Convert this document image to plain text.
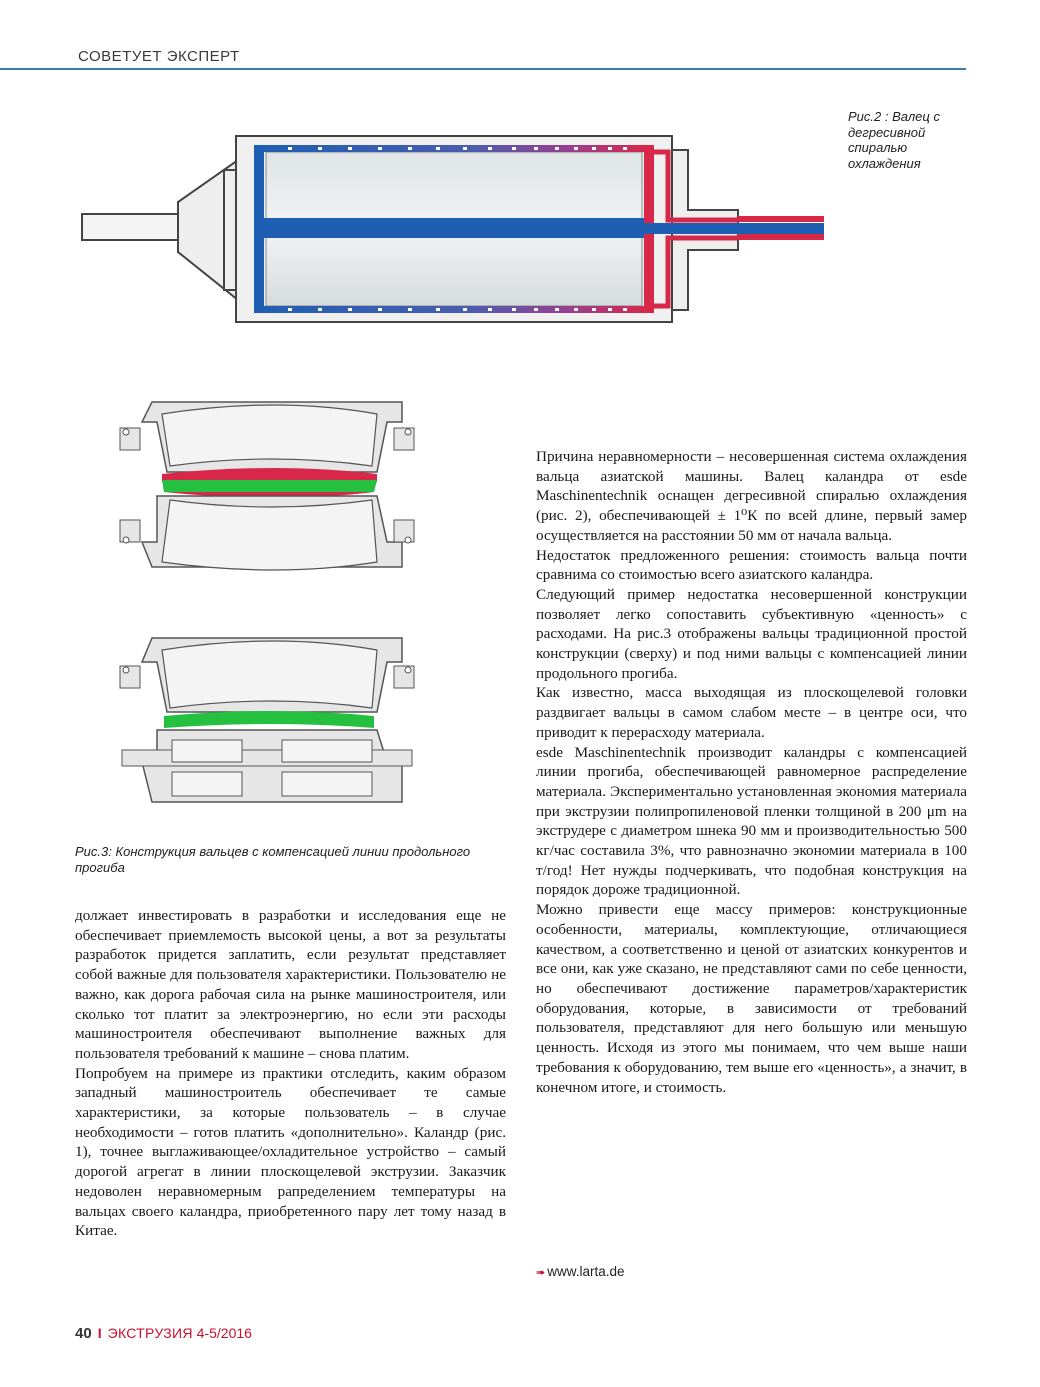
СОВЕТУЕТ ЭКСПЕРТ
Рис.2 : Валец с дегресивной спиралью охлаждения
Рис.3: Конструкция вальцев с компенсацией линии продольного прогиба

должает инвестировать в разработки и исследования еще не обеспечивает приемлемость высокой цены, а вот за результаты разработок придется заплатить, если результат представляет собой важные для пользователя характеристики. Пользователю не важно, как дорога рабочая сила на рынке машиностроителя, или сколько тот платит за электроэнергию, но если эти расходы машиностроителя обеспечивают выполнение важных для пользователя требований к машине – снова платим.

Попробуем на примере из практики отследить, каким образом западный машиностроитель обеспечивает те самые характеристики, за которые пользователь – в случае необходимости – готов платить «дополнительно». Каландр (рис. 1), точнее выглаживающее/охладительное устройство – самый дорогой агрегат в линии плоскощелевой экструзии. Заказчик недоволен неравномерным рапределением температуры на вальцах своего каландра, приобретенного пару лет тому назад в Китае.

Причина неравномерности – несовершенная система охлаждения вальца азиатской машины. Валец каландра от esde Maschinentechnik оснащен дегресивной спиралью охлаждения (рис. 2), обеспечивающей ± 1⁰К по всей длине, первый замер осуществляется на расстоянии 50 мм от начала вальца.

Недостаток предложенного решения: стоимость вальца почти сравнима со стоимостью всего азиатского каландра.

Следующий пример недостатка несовершенной конструкции позволяет легко сопоставить субъективную «ценность» с расходами. На рис.3 отображены вальцы традиционной простой конструкции (сверху) и под ними вальцы с компенсацией линии продольного прогиба.

Как известно, масса выходящая из плоскощелевой головки раздвигает вальцы в самом слабом месте – в центре оси, что приводит к перерасходу материала.

esde Maschinentechnik производит каландры с компенсацией линии прогиба, обеспечивающей равномерное распределение материала. Экспериментально установленная экономия материала при экструзии полипропиленовой пленки толщиной в 200 μm на экструдере с диаметром шнека 90 мм и производительностью 500 кг/час составила 3%, что равнозначно экономии материала в 100 т/год! Нет нужды подчеркивать, что подобная конструкция на порядок дороже традиционной.

Можно привести еще массу примеров: конструкционные особенности, материалы, комплектующие, отличающиеся качеством, а соответственно и ценой от азиатских конкурентов и все они, как уже сказано, не представляют сами по себе ценности, но обеспечивают достижение параметров/характеристик оборудования, которые, в зависимости от требований пользователя, представляют для него большую или меньшую ценность. Исходя из этого мы понимаем, что чем выше наши требования к оборудованию, тем выше его «ценность», а значит, в конечном итоге, и стоимость.

➠ www.larta.de
40 I ЭКСТРУЗИЯ 4-5/2016
